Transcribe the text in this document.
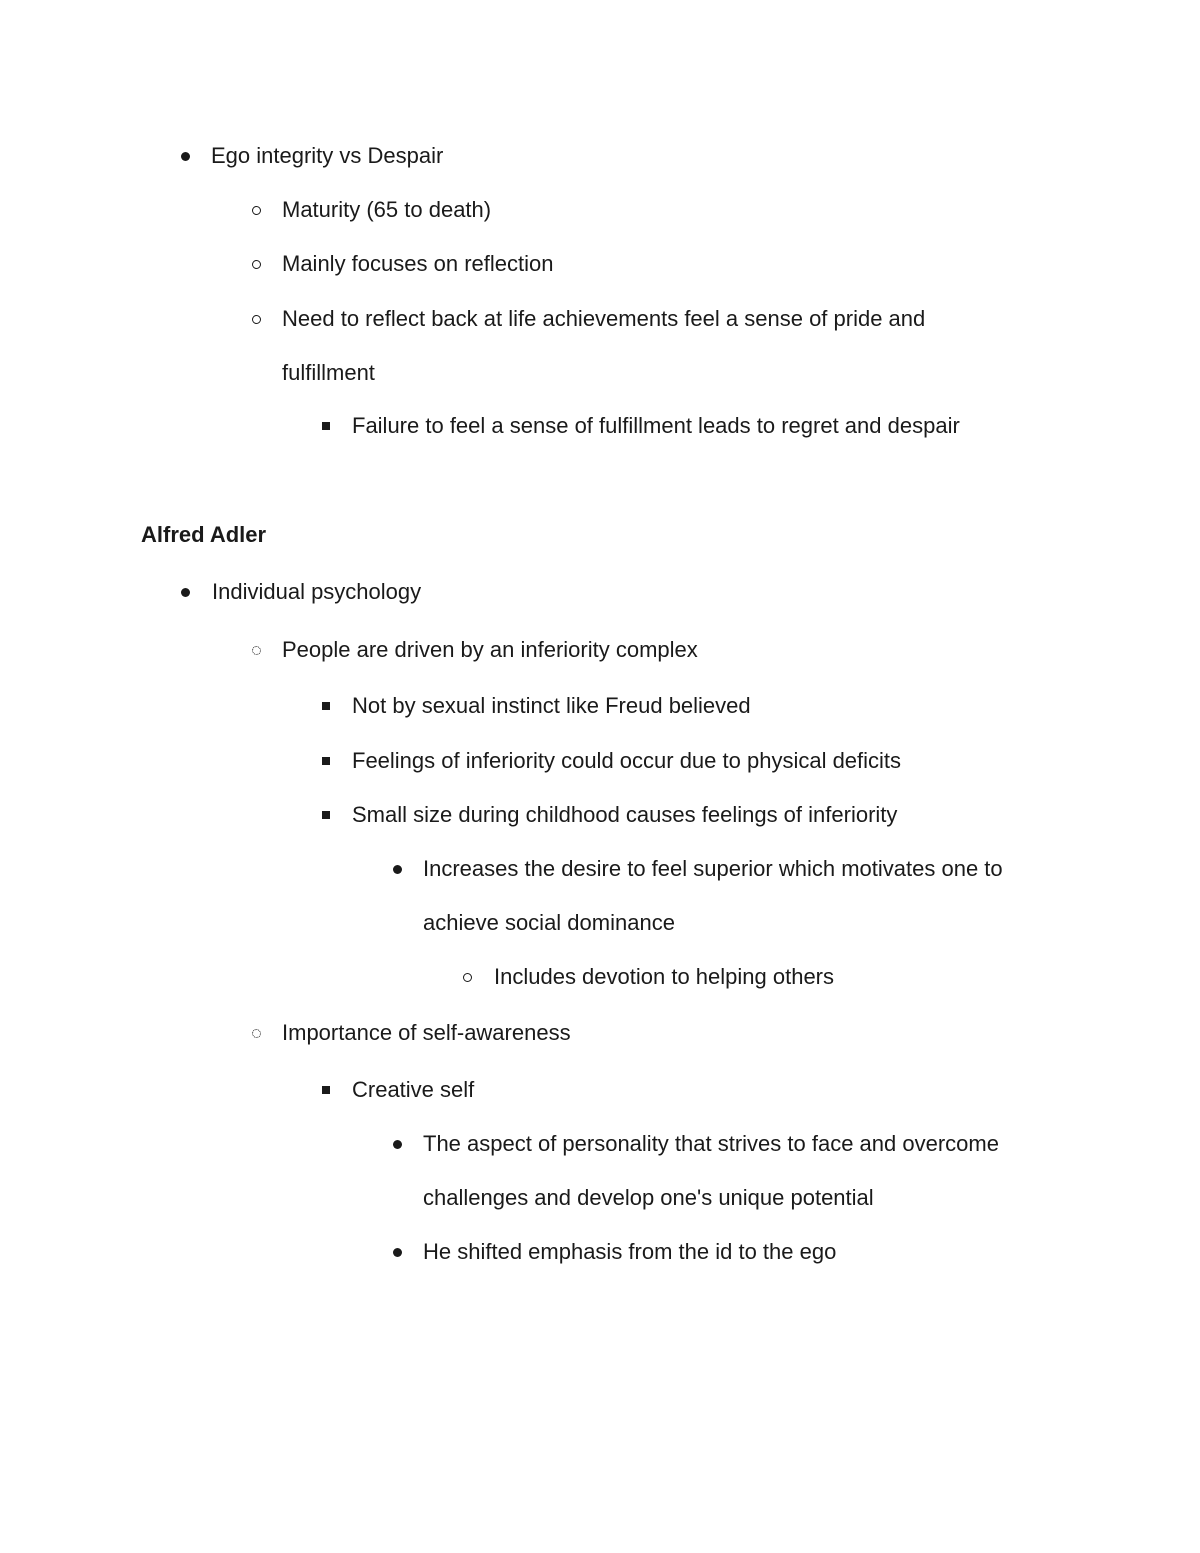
Ego integrity vs Despair
Maturity (65 to death)
Mainly focuses on reflection
Need to reflect back at life achievements feel a sense of pride and
fulfillment
Failure to feel a sense of fulfillment leads to regret and despair
Alfred Adler
Individual psychology
People are driven by an inferiority complex
Not by sexual instinct like Freud believed
Feelings of inferiority could occur due to physical deficits
Small size during childhood causes feelings of inferiority
Increases the desire to feel superior which motivates one to
achieve social dominance
Includes devotion to helping others
Importance of self-awareness
Creative self
The aspect of personality that strives to face and overcome
challenges and develop one's unique potential
He shifted emphasis from the id to the ego
